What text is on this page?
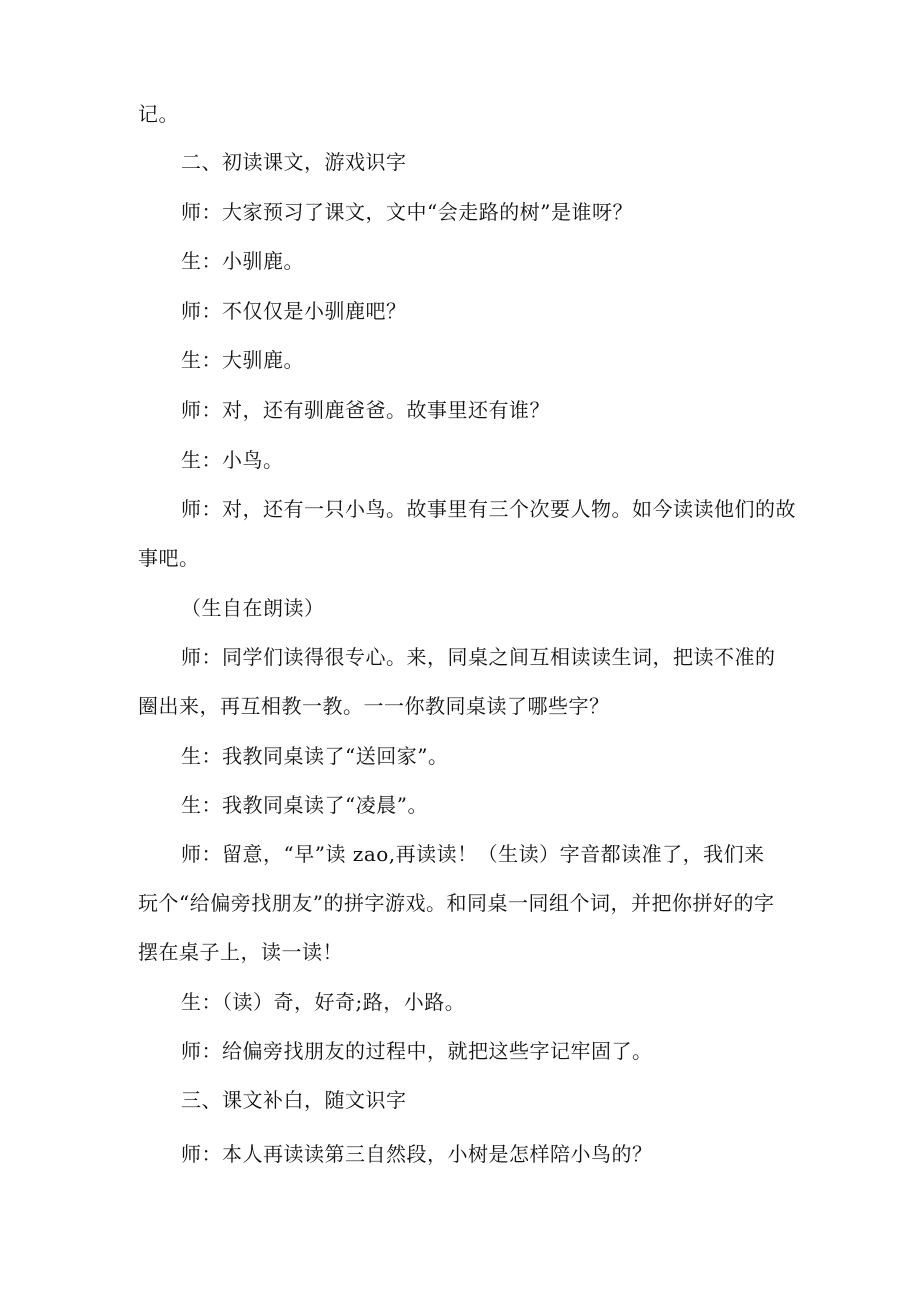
记。
二、初读课文，游戏识字
师：大家预习了课文，文中“会走路的树”是谁呀？
生：小驯鹿。
师：不仅仅是小驯鹿吧？
生：大驯鹿。
师：对，还有驯鹿爸爸。故事里还有谁？
生：小鸟。
师：对，还有一只小鸟。故事里有三个次要人物。如今读读他们的故
事吧。
（生自在朗读）
师：同学们读得很专心。来，同桌之间互相读读生词，把读不准的
圈出来，再互相教一教。一一你教同桌读了哪些字？
生：我教同桌读了“送回家”。
生：我教同桌读了“凌晨”。
师：留意，“早”读 zao,再读读！（生读）字音都读准了，我们来
玩个“给偏旁找朋友”的拼字游戏。和同桌一同组个词，并把你拼好的字
摆在桌子上，读一读！
生：（读）奇，好奇;路，小路。
师：给偏旁找朋友的过程中，就把这些字记牢固了。
三、课文补白，随文识字
师：本人再读读第三自然段，小树是怎样陪小鸟的？
